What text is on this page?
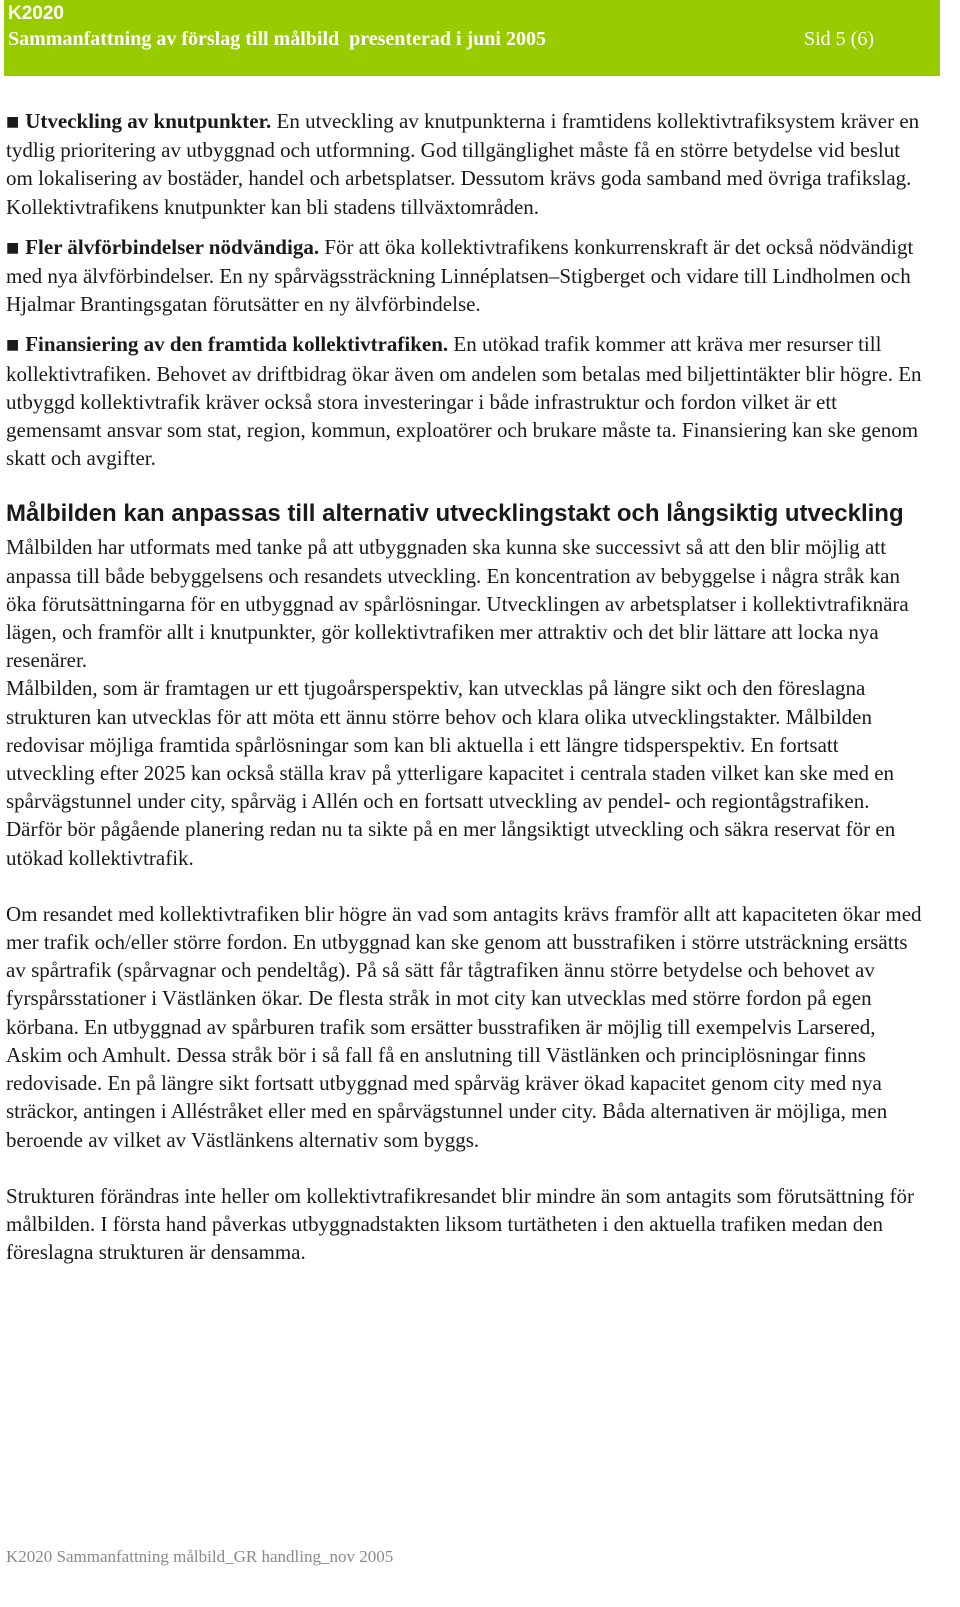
K2020
Sammanfattning av förslag till målbild  presenterad i juni 2005	Sid 5 (6)

■ Utveckling av knutpunkter. En utveckling av knutpunkterna i framtidens kollektivtrafiksystem kräver en tydlig prioritering av utbyggnad och utformning. God tillgänglighet måste få en större betydelse vid beslut om lokalisering av bostäder, handel och arbetsplatser. Dessutom krävs goda samband med övriga trafikslag. Kollektivtrafikens knutpunkter kan bli stadens tillväxtområden.

■ Fler älvförbindelser nödvändiga. För att öka kollektivtrafikens konkurrenskraft är det också nödvändigt med nya älvförbindelser. En ny spårvägssträckning Linnéplatsen–Stigberget och vidare till Lindholmen och Hjalmar Brantingsgatan förutsätter en ny älvförbindelse.

■ Finansiering av den framtida kollektivtrafiken. En utökad trafik kommer att kräva mer resurser till kollektivtrafiken. Behovet av driftbidrag ökar även om andelen som betalas med biljettintäkter blir högre. En utbyggd kollektivtrafik kräver också stora investeringar i både infrastruktur och fordon vilket är ett gemensamt ansvar som stat, region, kommun, exploatörer och brukare måste ta. Finansiering kan ske genom skatt och avgifter.

Målbilden kan anpassas till alternativ utvecklingstakt och långsiktig utveckling

Målbilden har utformats med tanke på att utbyggnaden ska kunna ske successivt så att den blir möjlig att anpassa till både bebyggelsens och resandets utveckling. En koncentration av bebyggelse i några stråk kan öka förutsättningarna för en utbyggnad av spårlösningar. Utvecklingen av arbetsplatser i kollektivtrafiknära lägen, och framför allt i knutpunkter, gör kollektivtrafiken mer attraktiv och det blir lättare att locka nya resenärer.

Målbilden, som är framtagen ur ett tjugoårsperspektiv, kan utvecklas på längre sikt och den föreslagna strukturen kan utvecklas för att möta ett ännu större behov och klara olika utvecklingstakter. Målbilden redovisar möjliga framtida spårlösningar som kan bli aktuella i ett längre tidsperspektiv. En fortsatt utveckling efter 2025 kan också ställa krav på ytterligare kapacitet i centrala staden vilket kan ske med en spårvägstunnel under city, spårväg i Allén och en fortsatt utveckling av pendel- och regiontågstrafiken. Därför bör pågående planering redan nu ta sikte på en mer långsiktigt utveckling och säkra reservat för en utökad kollektivtrafik.

Om resandet med kollektivtrafiken blir högre än vad som antagits krävs framför allt att kapaciteten ökar med mer trafik och/eller större fordon. En utbyggnad kan ske genom att busstrafiken i större utsträckning ersätts av spårtrafik (spårvagnar och pendeltåg). På så sätt får tågtrafiken ännu större betydelse och behovet av fyrspårsstationer i Västlänken ökar. De flesta stråk in mot city kan utvecklas med större fordon på egen körbana. En utbyggnad av spårburen trafik som ersätter busstrafiken är möjlig till exempelvis Larsered, Askim och Amhult. Dessa stråk bör i så fall få en anslutning till Västlänken och principlösningar finns redovisade. En på längre sikt fortsatt utbyggnad med spårväg kräver ökad kapacitet genom city med nya sträckor, antingen i Alléstråket eller med en spårvägstunnel under city. Båda alternativen är möjliga, men beroende av vilket av Västlänkens alternativ som byggs.

Strukturen förändras inte heller om kollektivtrafikresandet blir mindre än som antagits som förutsättning för målbilden. I första hand påverkas utbyggnadstakten liksom turtätheten i den aktuella trafiken medan den föreslagna strukturen är densamma.

K2020 Sammanfattning målbild_GR handling_nov 2005
